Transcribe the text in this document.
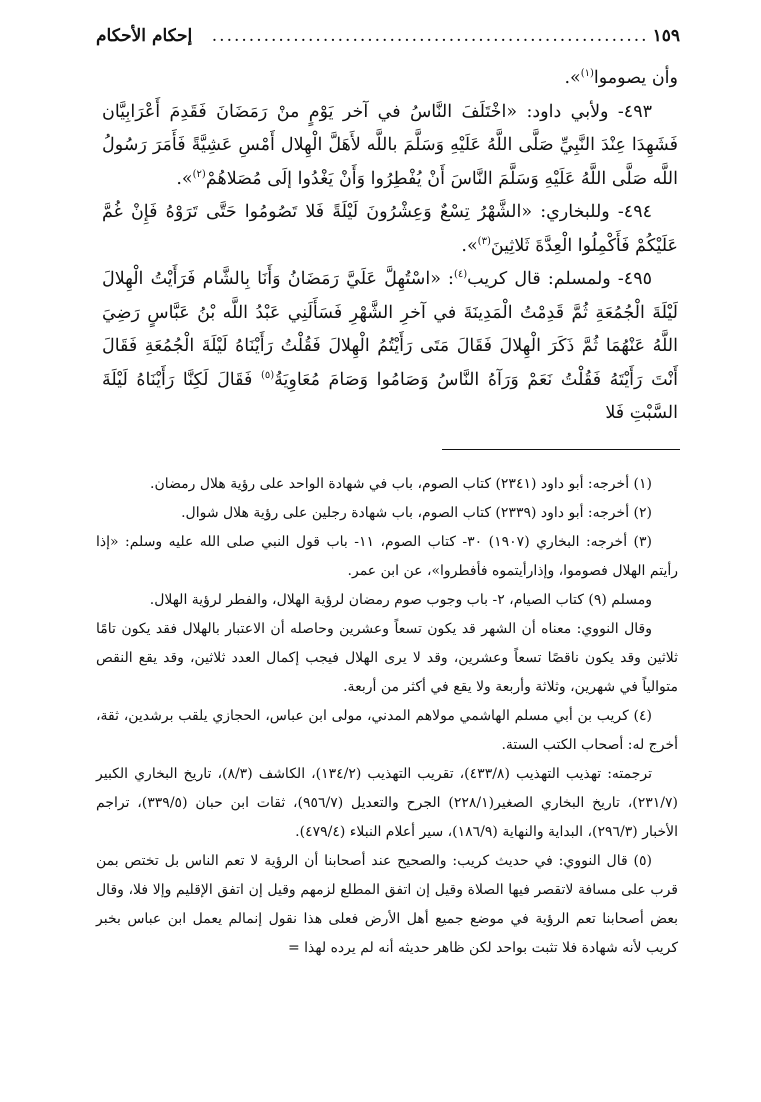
١٥٩
...........................................................
إحكام الأحكام

وأن يصوموا$^{(١)}$».

٤٩٣- ولأبي داود: «اخْتَلَفَ النَّاسُ في آخر يَوْمٍ منْ رَمَضَانَ فَقَدِمَ أَعْرَابِيَّان فَشَهِدَا عِنْدَ النَّبِيِّ صَلَّى اللَّهُ عَلَيْهِ وَسَلَّمَ باللَّه لأَهَلَّ الْهِلال أَمْسِ عَشِيَّةً فَأَمَرَ رَسُولُ اللَّه صَلَّى اللَّهُ عَلَيْهِ وَسَلَّمَ النَّاسَ أَنْ يُفْطِرُوا وَأَنْ يَغْدُوا إلَى مُصَلاهُمْ$^{(٢)}$».

٤٩٤- وللبخاري: «الشَّهْرُ تِسْعٌ وَعِشْرُونَ لَيْلَةً فَلا تَصُومُوا حَتَّى تَرَوْهُ فَإِنْ غُمَّ عَلَيْكُمْ فَأَكْمِلُوا الْعِدَّةَ ثَلاثِينَ$^{(٣)}$».

٤٩٥- ولمسلم: قال كريب$^{(٤)}$: «اسْتُهِلَّ عَلَيَّ رَمَضَانُ وَأَنَا بِالشَّام فَرَأَيْتُ الْهِلالَ لَيْلَةَ الْجُمُعَةِ ثُمَّ قَدِمْتُ الْمَدِينَةَ في آخرِ الشَّهْرِ فَسَأَلَنِي عَبْدُ اللَّه بْنُ عَبَّاسٍ رَضِيَ اللَّهُ عَنْهُمَا ثُمَّ ذَكَرَ الْهِلالَ فَقَالَ مَتَى رَأَيْتُمُ الْهِلالَ فَقُلْتُ رَأَيْنَاهُ لَيْلَةَ الْجُمُعَةِ فَقَالَ أَنْتَ رَأَيْتَهُ فَقُلْتُ نَعَمْ وَرَآهُ النَّاسُ وَصَامُوا وَصَامَ مُعَاوِيَةُ$^{(٥)}$ فَقَالَ لَكِنَّا رَأَيْنَاهُ لَيْلَةَ السَّبْتِ فَلا

(١) أخرجه: أبو داود (٢٣٤١) كتاب الصوم، باب في شهادة الواحد على رؤية هلال رمضان.

(٢) أخرجه: أبو داود (٢٣٣٩) كتاب الصوم، باب شهادة رجلين على رؤية هلال شوال.

(٣) أخرجه: البخاري (١٩٠٧) ٣٠- كتاب الصوم، ١١- باب قول النبي صلى الله عليه وسلم: «إذا رأيتم الهلال فصوموا، وإذارأيتموه فأفطروا»، عن ابن عمر.

ومسلم (٩) كتاب الصيام، ٢- باب وجوب صوم رمضان لرؤية الهلال، والفطر لرؤية الهلال.

وقال النووي: معناه أن الشهر قد يكون تسعاً وعشرين وحاصله أن الاعتبار بالهلال فقد يكون تامًا ثلاثين وقد يكون ناقصًا تسعاً وعشرين، وقد لا يرى الهلال فيجب إكمال العدد ثلاثين، وقد يقع النقص متوالياً في شهرين، وثلاثة وأربعة ولا يقع في أكثر من أربعة.

(٤) كريب بن أبي مسلم الهاشمي مولاهم المدني، مولى ابن عباس، الحجازي يلقب برشدين، ثقة، أخرج له: أصحاب الكتب الستة.

ترجمته: تهذيب التهذيب (٤٣٣/٨)، تقريب التهذيب (١٣٤/٢)، الكاشف (٨/٣)، تاريخ البخاري الكبير (٢٣١/٧)، تاريخ البخاري الصغير(٢٢٨/١) الجرح والتعديل (٩٥٦/٧)، ثقات ابن حبان (٣٣٩/٥)، تراجم الأخبار (٢٩٦/٣)، البداية والنهاية (١٨٦/٩)، سير أعلام النبلاء (٤٧٩/٤).

(٥) قال النووي: في حديث كريب: والصحيح عند أصحابنا أن الرؤية لا تعم الناس بل تختص بمن قرب على مسافة لاتقصر فيها الصلاة وقيل إن اتفق المطلع لزمهم وقيل إن اتفق الإقليم وإلا فلا، وقال بعض أصحابنا تعم الرؤية في موضع جميع أهل الأرض فعلى هذا نقول إنمالم يعمل ابن عباس بخبر كريب لأنه شهادة فلا تثبت بواحد لكن ظاهر حديثه أنه لم يرده لهذا =
